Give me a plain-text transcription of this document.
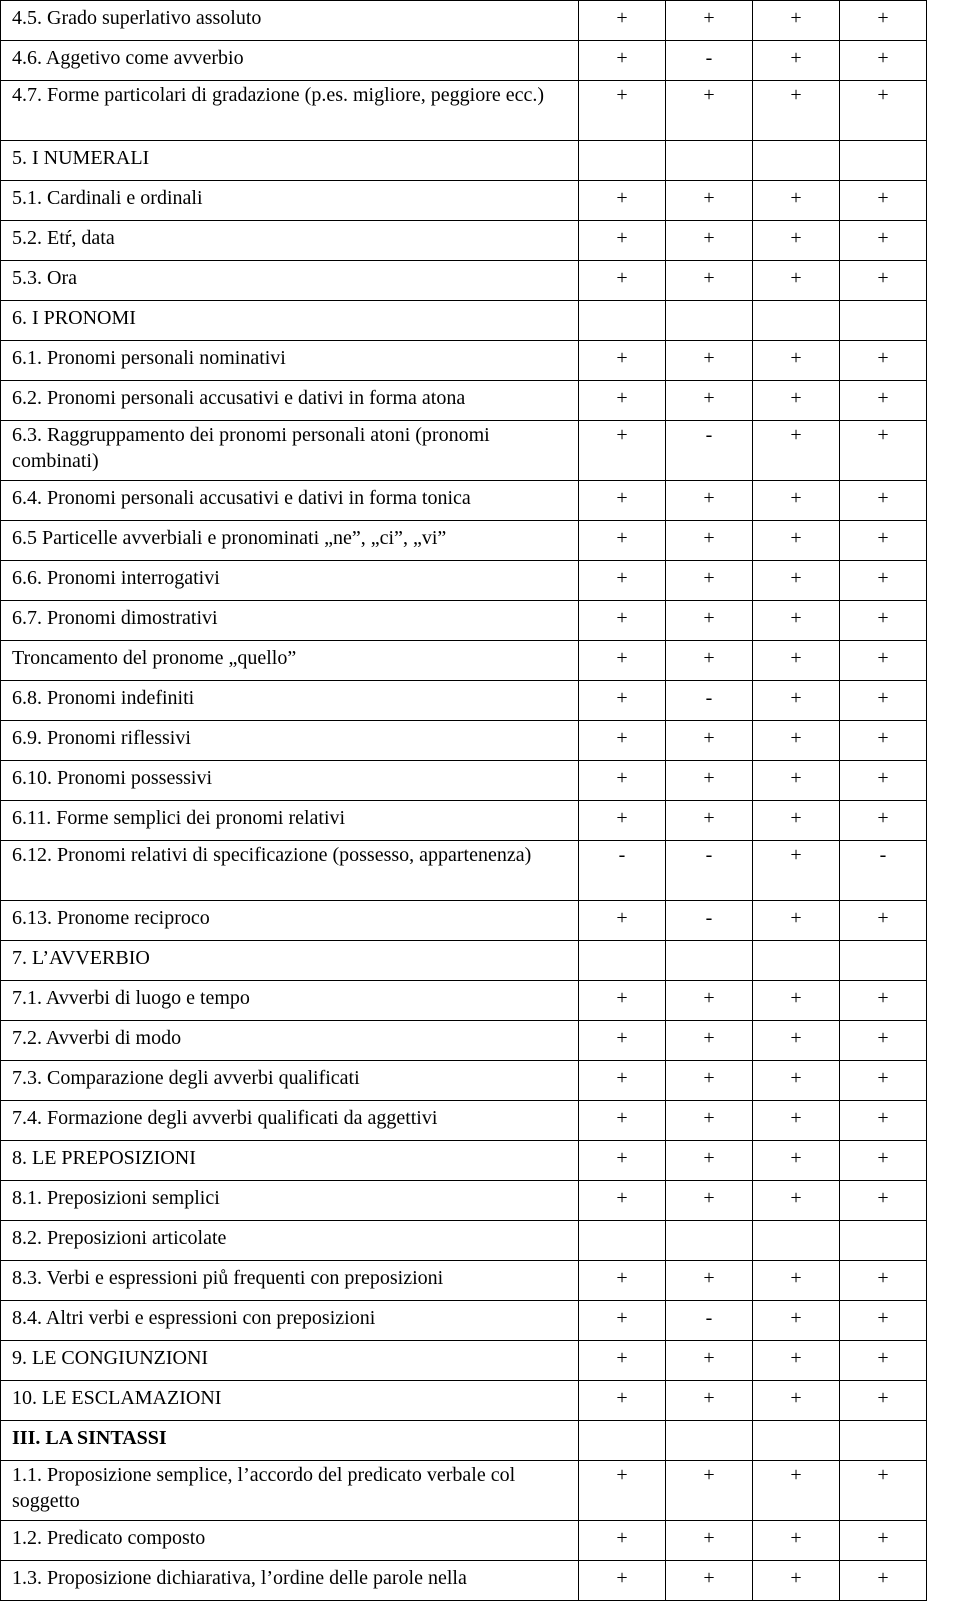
4.5. Grado superlativo assoluto	+	+	+	+
4.6. Aggetivo come avverbio	+	-	+	+
4.7. Forme particolari di gradazione (p.es. migliore, peggiore ecc.)	+	+	+	+
5. I NUMERALI				
5.1. Cardinali e ordinali	+	+	+	+
5.2. Etŕ, data	+	+	+	+
5.3. Ora	+	+	+	+
6. I PRONOMI				
6.1. Pronomi personali nominativi	+	+	+	+
6.2. Pronomi personali accusativi e dativi in forma atona	+	+	+	+
6.3. Raggruppamento dei pronomi personali atoni (pronomi combinati)	+	-	+	+
6.4. Pronomi personali accusativi e dativi in forma tonica	+	+	+	+
6.5 Particelle avverbiali e pronominati „ne”, „ci”, „vi”	+	+	+	+
6.6. Pronomi interrogativi	+	+	+	+
6.7. Pronomi dimostrativi	+	+	+	+
Troncamento del pronome „quello”	+	+	+	+
6.8. Pronomi indefiniti	+	-	+	+
6.9. Pronomi riflessivi	+	+	+	+
6.10. Pronomi possessivi	+	+	+	+
6.11. Forme semplici dei pronomi relativi	+	+	+	+
6.12. Pronomi relativi di specificazione (possesso, appartenenza)	-	-	+	-
6.13. Pronome reciproco	+	-	+	+
7. L’AVVERBIO				
7.1. Avverbi di luogo e tempo	+	+	+	+
7.2. Avverbi di modo	+	+	+	+
7.3. Comparazione degli avverbi qualificati	+	+	+	+
7.4. Formazione degli avverbi qualificati da aggettivi	+	+	+	+
8. LE PREPOSIZIONI	+	+	+	+
8.1. Preposizioni semplici	+	+	+	+
8.2. Preposizioni articolate				
8.3. Verbi e espressioni piů frequenti con preposizioni	+	+	+	+
8.4. Altri verbi e espressioni con preposizioni	+	-	+	+
9. LE CONGIUNZIONI	+	+	+	+
10. LE ESCLAMAZIONI	+	+	+	+
III. LA SINTASSI				
1.1. Proposizione semplice, l’accordo del predicato verbale col soggetto	+	+	+	+
1.2. Predicato composto	+	+	+	+
1.3. Proposizione dichiarativa, l’ordine delle parole nella	+	+	+	+
